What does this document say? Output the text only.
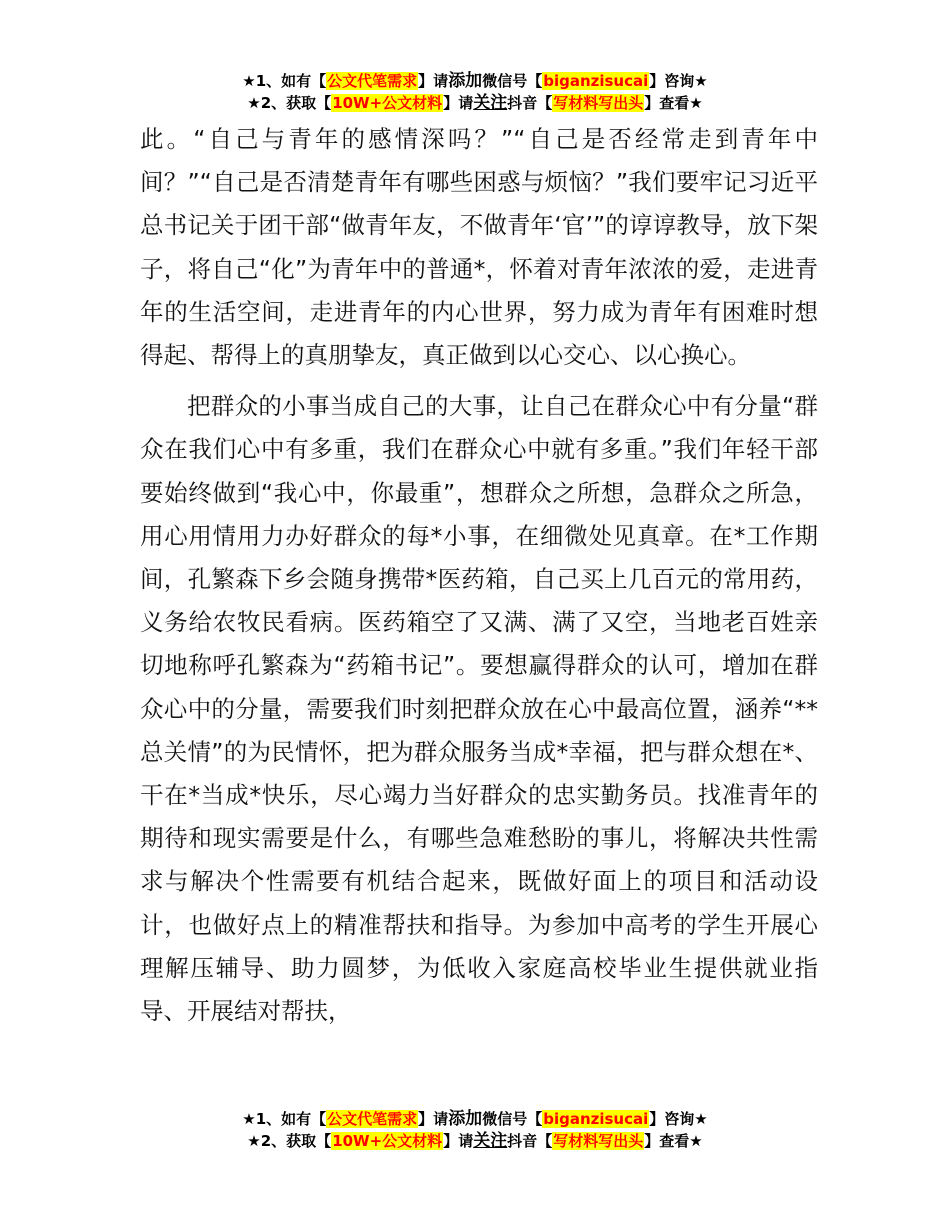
★1、如有【公文代笔需求】请添加微信号【biganzisucai】咨询★
★2、获取【10W+公文材料】请关注抖音【写材料写出头】查看★

此。“自己与青年的感情深吗？”“自己是否经常走到青年中间？”“自己是否清楚青年有哪些困惑与烦恼？”我们要牢记习近平总书记关于团干部“做青年友，不做青年‘官’”的谆谆教导，放下架子，将自己“化”为青年中的普通*，怀着对青年浓浓的爱，走进青年的生活空间，走进青年的内心世界，努力成为青年有困难时想得起、帮得上的真朋挚友，真正做到以心交心、以心换心。

把群众的小事当成自己的大事，让自己在群众心中有分量“群众在我们心中有多重，我们在群众心中就有多重。”我们年轻干部要始终做到“我心中，你最重”，想群众之所想，急群众之所急，用心用情用力办好群众的每*小事，在细微处见真章。在*工作期间，孔繁森下乡会随身携带*医药箱，自己买上几百元的常用药，义务给农牧民看病。医药箱空了又满、满了又空，当地老百姓亲切地称呼孔繁森为“药箱书记”。要想赢得群众的认可，增加在群众心中的分量，需要我们时刻把群众放在心中最高位置，涵养“**总关情”的为民情怀，把为群众服务当成*幸福，把与群众想在*、干在*当成*快乐，尽心竭力当好群众的忠实勤务员。找准青年的期待和现实需要是什么，有哪些急难愁盼的事儿，将解决共性需求与解决个性需要有机结合起来，既做好面上的项目和活动设计，也做好点上的精准帮扶和指导。为参加中高考的学生开展心理解压辅导、助力圆梦，为低收入家庭高校毕业生提供就业指导、开展结对帮扶，

★1、如有【公文代笔需求】请添加微信号【biganzisucai】咨询★
★2、获取【10W+公文材料】请关注抖音【写材料写出头】查看★
